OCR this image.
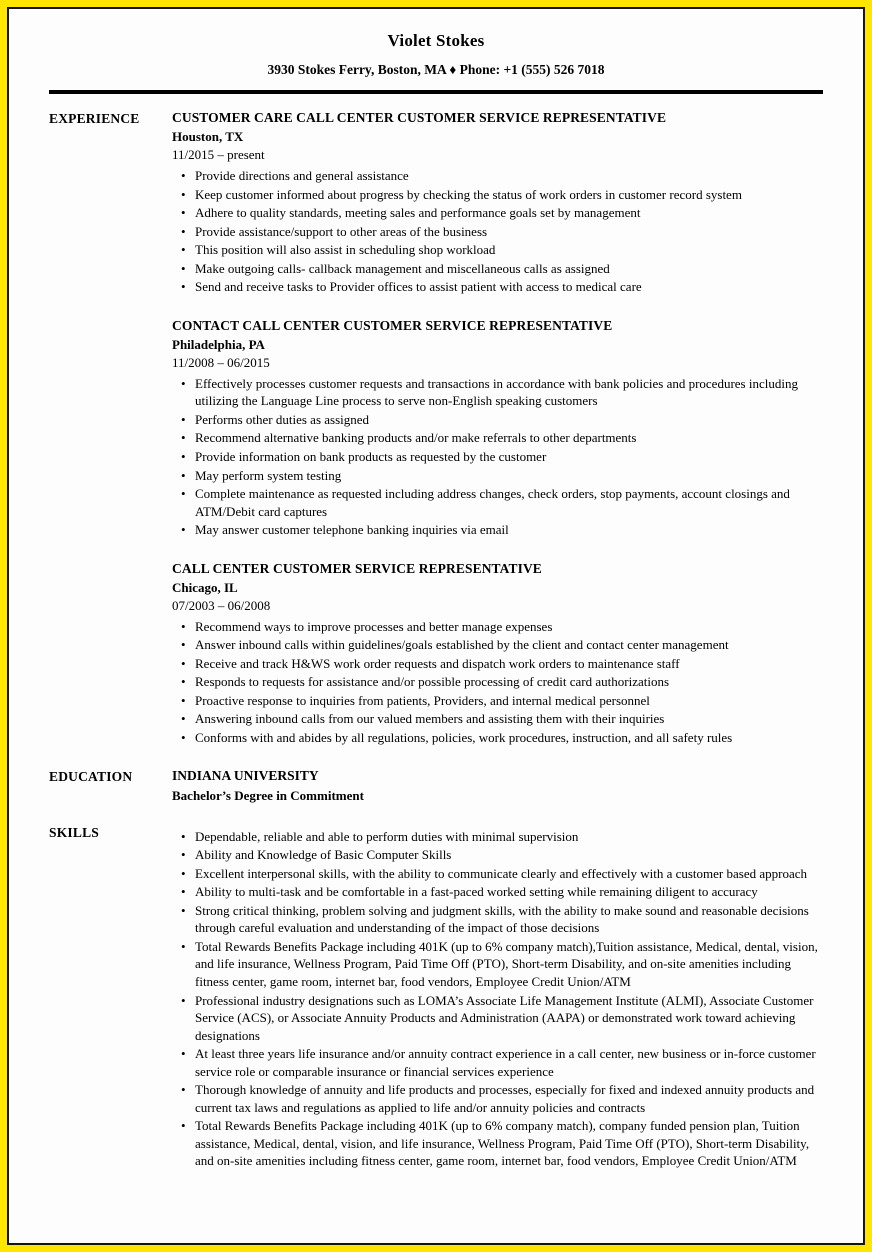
Violet Stokes
3930 Stokes Ferry, Boston, MA ♦ Phone: +1 (555) 526 7018
EXPERIENCE	CUSTOMER CARE CALL CENTER CUSTOMER SERVICE REPRESENTATIVE
Houston, TX
11/2015 – present
• Provide directions and general assistance
• Keep customer informed about progress by checking the status of work orders in customer record system
• Adhere to quality standards, meeting sales and performance goals set by management
• Provide assistance/support to other areas of the business
• This position will also assist in scheduling shop workload
• Make outgoing calls- callback management and miscellaneous calls as assigned
• Send and receive tasks to Provider offices to assist patient with access to medical care
CONTACT CALL CENTER CUSTOMER SERVICE REPRESENTATIVE
Philadelphia, PA
11/2008 – 06/2015
• Effectively processes customer requests and transactions in accordance with bank policies and procedures including utilizing the Language Line process to serve non-English speaking customers
• Performs other duties as assigned
• Recommend alternative banking products and/or make referrals to other departments
• Provide information on bank products as requested by the customer
• May perform system testing
• Complete maintenance as requested including address changes, check orders, stop payments, account closings and ATM/Debit card captures
• May answer customer telephone banking inquiries via email
CALL CENTER CUSTOMER SERVICE REPRESENTATIVE
Chicago, IL
07/2003 – 06/2008
• Recommend ways to improve processes and better manage expenses
• Answer inbound calls within guidelines/goals established by the client and contact center management
• Receive and track H&WS work order requests and dispatch work orders to maintenance staff
• Responds to requests for assistance and/or possible processing of credit card authorizations
• Proactive response to inquiries from patients, Providers, and internal medical personnel
• Answering inbound calls from our valued members and assisting them with their inquiries
• Conforms with and abides by all regulations, policies, work procedures, instruction, and all safety rules
EDUCATION	INDIANA UNIVERSITY
Bachelor’s Degree in Commitment
SKILLS	• Dependable, reliable and able to perform duties with minimal supervision
• Ability and Knowledge of Basic Computer Skills
• Excellent interpersonal skills, with the ability to communicate clearly and effectively with a customer based approach
• Ability to multi-task and be comfortable in a fast-paced worked setting while remaining diligent to accuracy
• Strong critical thinking, problem solving and judgment skills, with the ability to make sound and reasonable decisions through careful evaluation and understanding of the impact of those decisions
• Total Rewards Benefits Package including 401K (up to 6% company match),Tuition assistance, Medical, dental, vision, and life insurance, Wellness Program, Paid Time Off (PTO), Short-term Disability, and on-site amenities including fitness center, game room, internet bar, food vendors, Employee Credit Union/ATM
• Professional industry designations such as LOMA’s Associate Life Management Institute (ALMI), Associate Customer Service (ACS), or Associate Annuity Products and Administration (AAPA) or demonstrated work toward achieving designations
• At least three years life insurance and/or annuity contract experience in a call center, new business or in-force customer service role or comparable insurance or financial services experience
• Thorough knowledge of annuity and life products and processes, especially for fixed and indexed annuity products and current tax laws and regulations as applied to life and/or annuity policies and contracts
• Total Rewards Benefits Package including 401K (up to 6% company match), company funded pension plan, Tuition assistance, Medical, dental, vision, and life insurance, Wellness Program, Paid Time Off (PTO), Short-term Disability, and on-site amenities including fitness center, game room, internet bar, food vendors, Employee Credit Union/ATM
